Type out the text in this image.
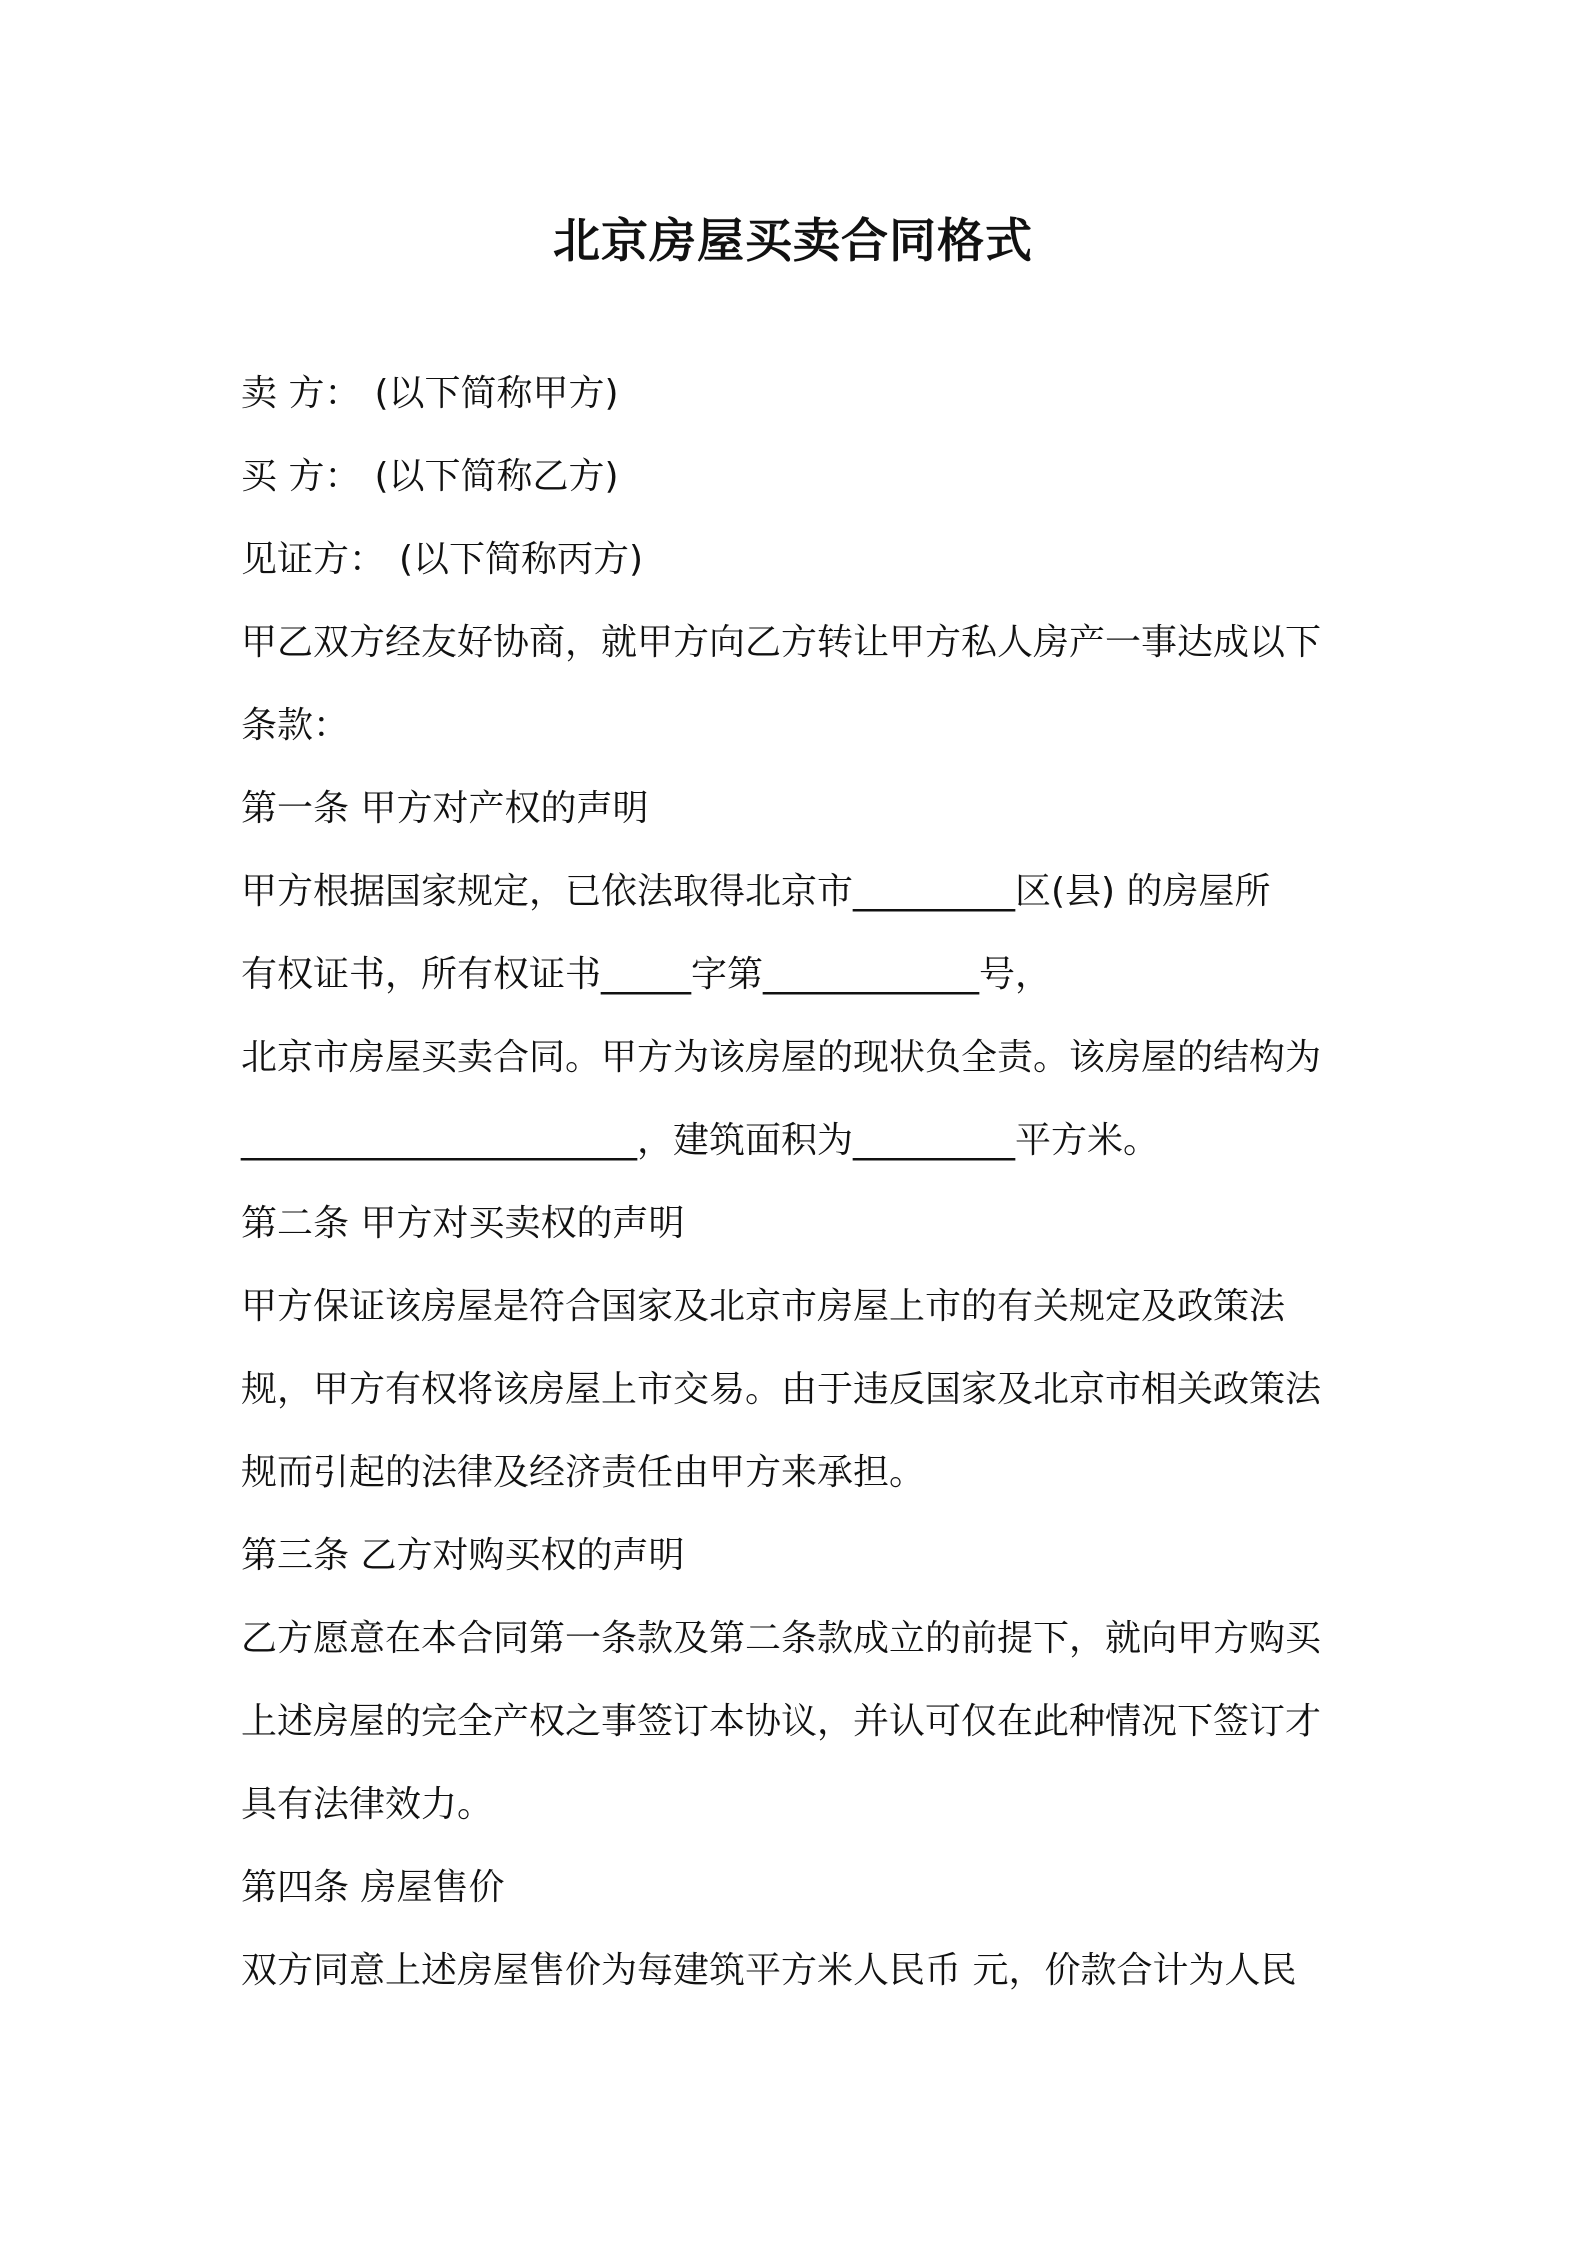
北京房屋买卖合同格式
卖 方： (以下简称甲方)
买 方： (以下简称乙方)
见证方： (以下简称丙方)
甲乙双方经友好协商，就甲方向乙方转让甲方私人房产一事达成以下
条款：
第一条 甲方对产权的声明
甲方根据国家规定，已依法取得北京市_________区(县) 的房屋所
有权证书，所有权证书_____字第____________号，
北京市房屋买卖合同。甲方为该房屋的现状负全责。该房屋的结构为
______________________，建筑面积为_________平方米。
第二条 甲方对买卖权的声明
甲方保证该房屋是符合国家及北京市房屋上市的有关规定及政策法
规，甲方有权将该房屋上市交易。由于违反国家及北京市相关政策法
规而引起的法律及经济责任由甲方来承担。
第三条 乙方对购买权的声明
乙方愿意在本合同第一条款及第二条款成立的前提下，就向甲方购买
上述房屋的完全产权之事签订本协议，并认可仅在此种情况下签订才
具有法律效力。
第四条 房屋售价
双方同意上述房屋售价为每建筑平方米人民币 元，价款合计为人民
